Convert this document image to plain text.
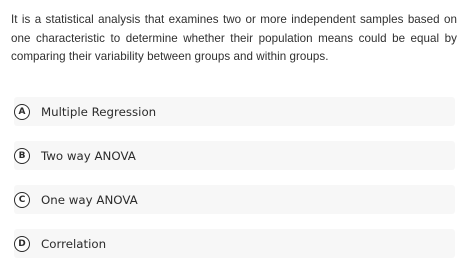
It is a statistical analysis that examines two or more independent samples based on one characteristic to determine whether their population means could be equal by comparing their variability between groups and within groups.
A	Multiple Regression
B	Two way ANOVA
C	One way ANOVA
D	Correlation
